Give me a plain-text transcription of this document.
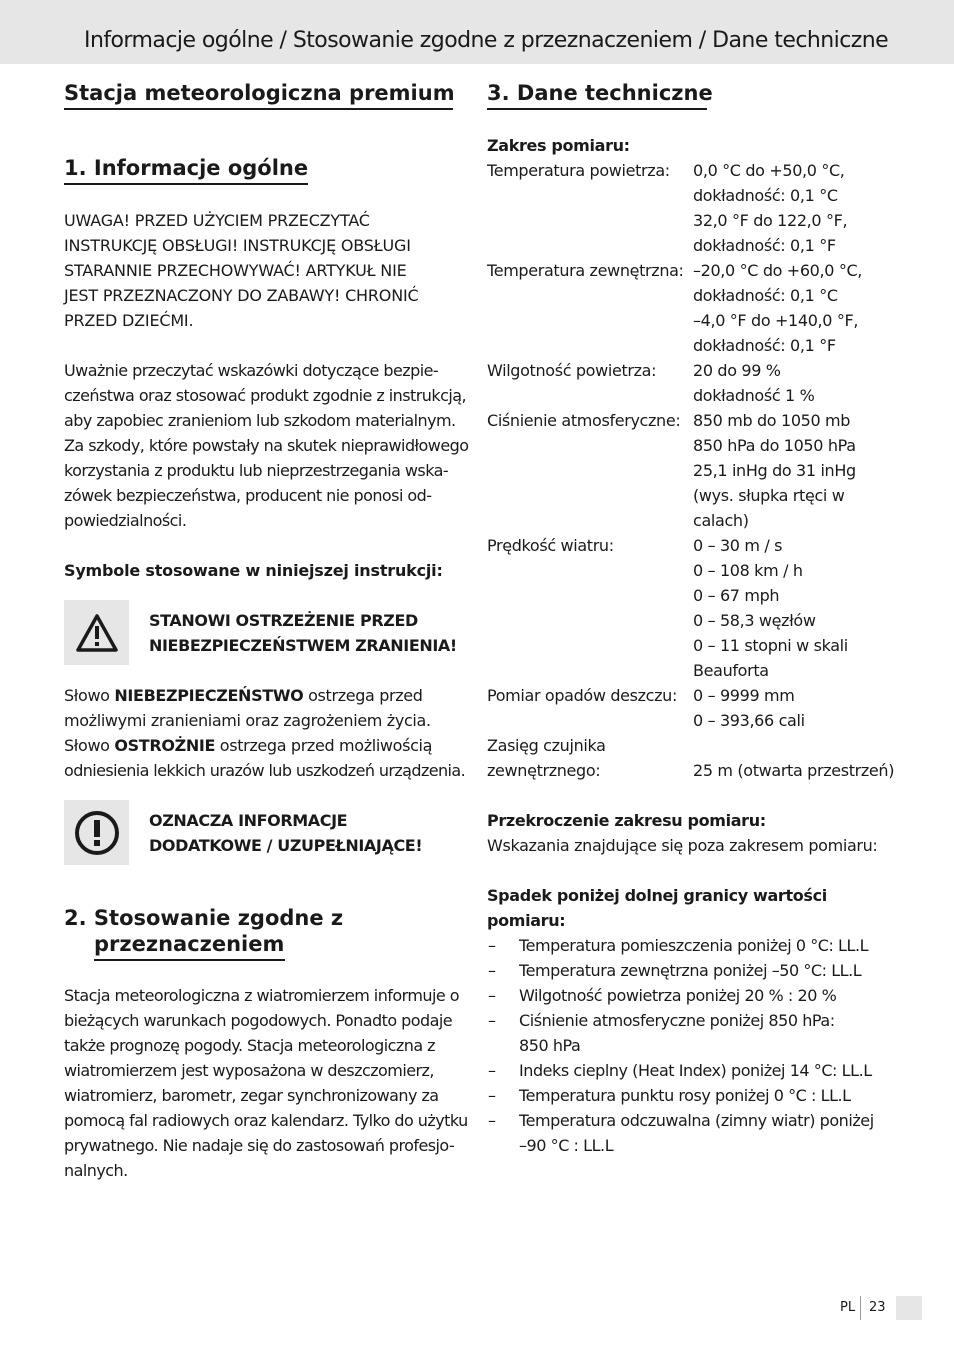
Informacje ogólne / Stosowanie zgodne z przeznaczeniem / Dane techniczne
Stacja meteorologiczna premium
1. Informacje ogólne
UWAGA! PRZED UŻYCIEM PRZECZYTAĆ
INSTRUKCJĘ OBSŁUGI! INSTRUKCJĘ OBSŁUGI
STARANNIE PRZECHOWYWAĆ! ARTYKUŁ NIE
JEST PRZEZNACZONY DO ZABAWY! CHRONIĆ
PRZED DZIEĆMI.
Uważnie przeczytać wskazówki dotyczące bezpie-
czeństwa oraz stosować produkt zgodnie z instrukcją,
aby zapobiec zranieniom lub szkodom materialnym.
Za szkody, które powstały na skutek nieprawidłowego
korzystania z produktu lub nieprzestrzegania wska-
zówek bezpieczeństwa, producent nie ponosi od-
powiedzialności.
Symbole stosowane w niniejszej instrukcji:
STANOWI OSTRZEŻENIE PRZED
NIEBEZPIECZEŃSTWEM ZRANIENIA!
Słowo NIEBEZPIECZEŃSTWO ostrzega przed
możliwymi zranieniami oraz zagrożeniem życia.
Słowo OSTROŻNIE ostrzega przed możliwością
odniesienia lekkich urazów lub uszkodzeń urządzenia.
OZNACZA INFORMACJE
DODATKOWE / UZUPEŁNIAJĄCE!
2. Stosowanie zgodne z
przeznaczeniem
Stacja meteorologiczna z wiatromierzem informuje o
bieżących warunkach pogodowych. Ponadto podaje
także prognozę pogody. Stacja meteorologiczna z
wiatromierzem jest wyposażona w deszczomierz,
wiatromierz, barometr, zegar synchronizowany za
pomocą fal radiowych oraz kalendarz. Tylko do użytku
prywatnego. Nie nadaje się do zastosowań profesjo-
nalnych.
3. Dane techniczne
Zakres pomiaru:
Temperatura powietrza: 0,0 °C do +50,0 °C,
dokładność: 0,1 °C
32,0 °F do 122,0 °F,
dokładność: 0,1 °F
Temperatura zewnętrzna: –20,0 °C do +60,0 °C,
dokładność: 0,1 °C
–4,0 °F do +140,0 °F,
dokładność: 0,1 °F
Wilgotność powietrza: 20 do 99 %
dokładność 1 %
Ciśnienie atmosferyczne: 850 mb do 1050 mb
850 hPa do 1050 hPa
25,1 inHg do 31 inHg
(wys. słupka rtęci w
calach)
Prędkość wiatru:	0 – 30 m / s
0 – 108 km / h
0 – 67 mph
0 – 58,3 węzłów
0 – 11 stopni w skali
Beauforta
Pomiar opadów deszczu: 0 – 9999 mm
0 – 393,66 cali
Zasięg czujnika
zewnętrznego:	25 m (otwarta przestrzeń)
Przekroczenie zakresu pomiaru:
Wskazania znajdujące się poza zakresem pomiaru:
Spadek poniżej dolnej granicy wartości
pomiaru:
– Temperatura pomieszczenia poniżej 0 °C: LL.L
– Temperatura zewnętrzna poniżej –50 °C: LL.L
– Wilgotność powietrza poniżej 20 % : 20 %
– Ciśnienie atmosferyczne poniżej 850 hPa:
850 hPa
– Indeks cieplny (Heat Index) poniżej 14 °C: LL.L
– Temperatura punktu rosy poniżej 0 °C : LL.L
– Temperatura odczuwalna (zimny wiatr) poniżej
–90 °C : LL.L
PL 23
